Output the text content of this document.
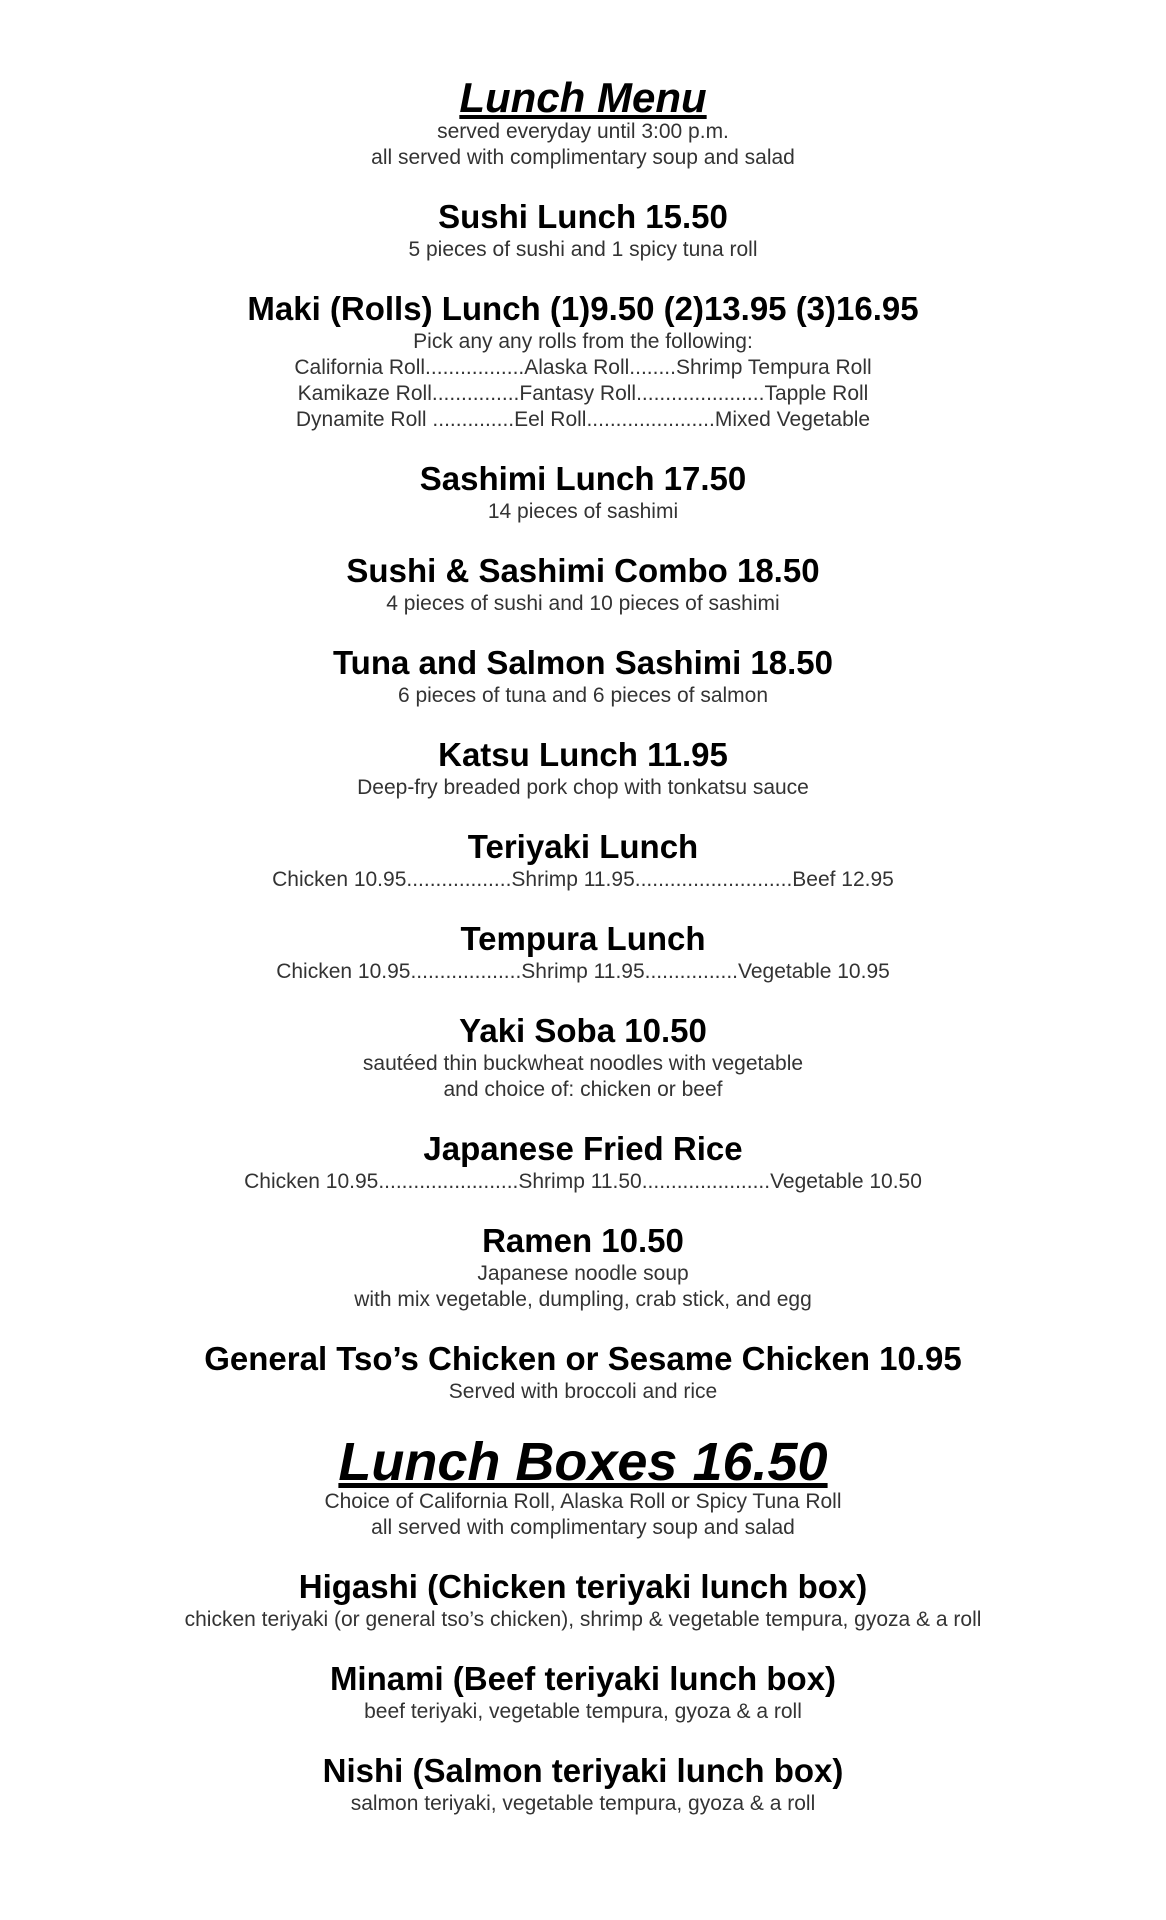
Lunch Menu

served everyday until 3:00 p.m.

all served with complimentary soup and salad

Sushi Lunch 15.50

5 pieces of sushi and 1 spicy tuna roll

Maki (Rolls) Lunch (1)9.50 (2)13.95 (3)16.95

Pick any any rolls from the following:

California Roll.................Alaska Roll........Shrimp Tempura Roll

Kamikaze Roll...............Fantasy Roll......................Tapple Roll

Dynamite Roll ..............Eel Roll......................Mixed Vegetable

Sashimi Lunch 17.50

14 pieces of sashimi

Sushi & Sashimi Combo 18.50

4 pieces of sushi and 10 pieces of sashimi

Tuna and Salmon Sashimi 18.50

6 pieces of tuna and 6 pieces of salmon

Katsu Lunch 11.95

Deep-fry breaded pork chop with tonkatsu sauce

Teriyaki Lunch

Chicken 10.95..................Shrimp 11.95...........................Beef 12.95

Tempura Lunch

Chicken 10.95...................Shrimp 11.95................Vegetable 10.95

Yaki Soba 10.50

sautéed thin buckwheat noodles with vegetable

and choice of: chicken or beef

Japanese Fried Rice

Chicken 10.95........................Shrimp 11.50......................Vegetable 10.50

Ramen 10.50

Japanese noodle soup

with mix vegetable, dumpling, crab stick, and egg

General Tso’s Chicken or Sesame Chicken 10.95

Served with broccoli and rice

Lunch Boxes 16.50

Choice of California Roll, Alaska Roll or Spicy Tuna Roll

all served with complimentary soup and salad

Higashi (Chicken teriyaki lunch box)

chicken teriyaki (or general tso’s chicken), shrimp & vegetable tempura, gyoza & a roll

Minami (Beef teriyaki lunch box)

beef teriyaki, vegetable tempura, gyoza & a roll

Nishi (Salmon teriyaki lunch box)

salmon teriyaki, vegetable tempura, gyoza & a roll
